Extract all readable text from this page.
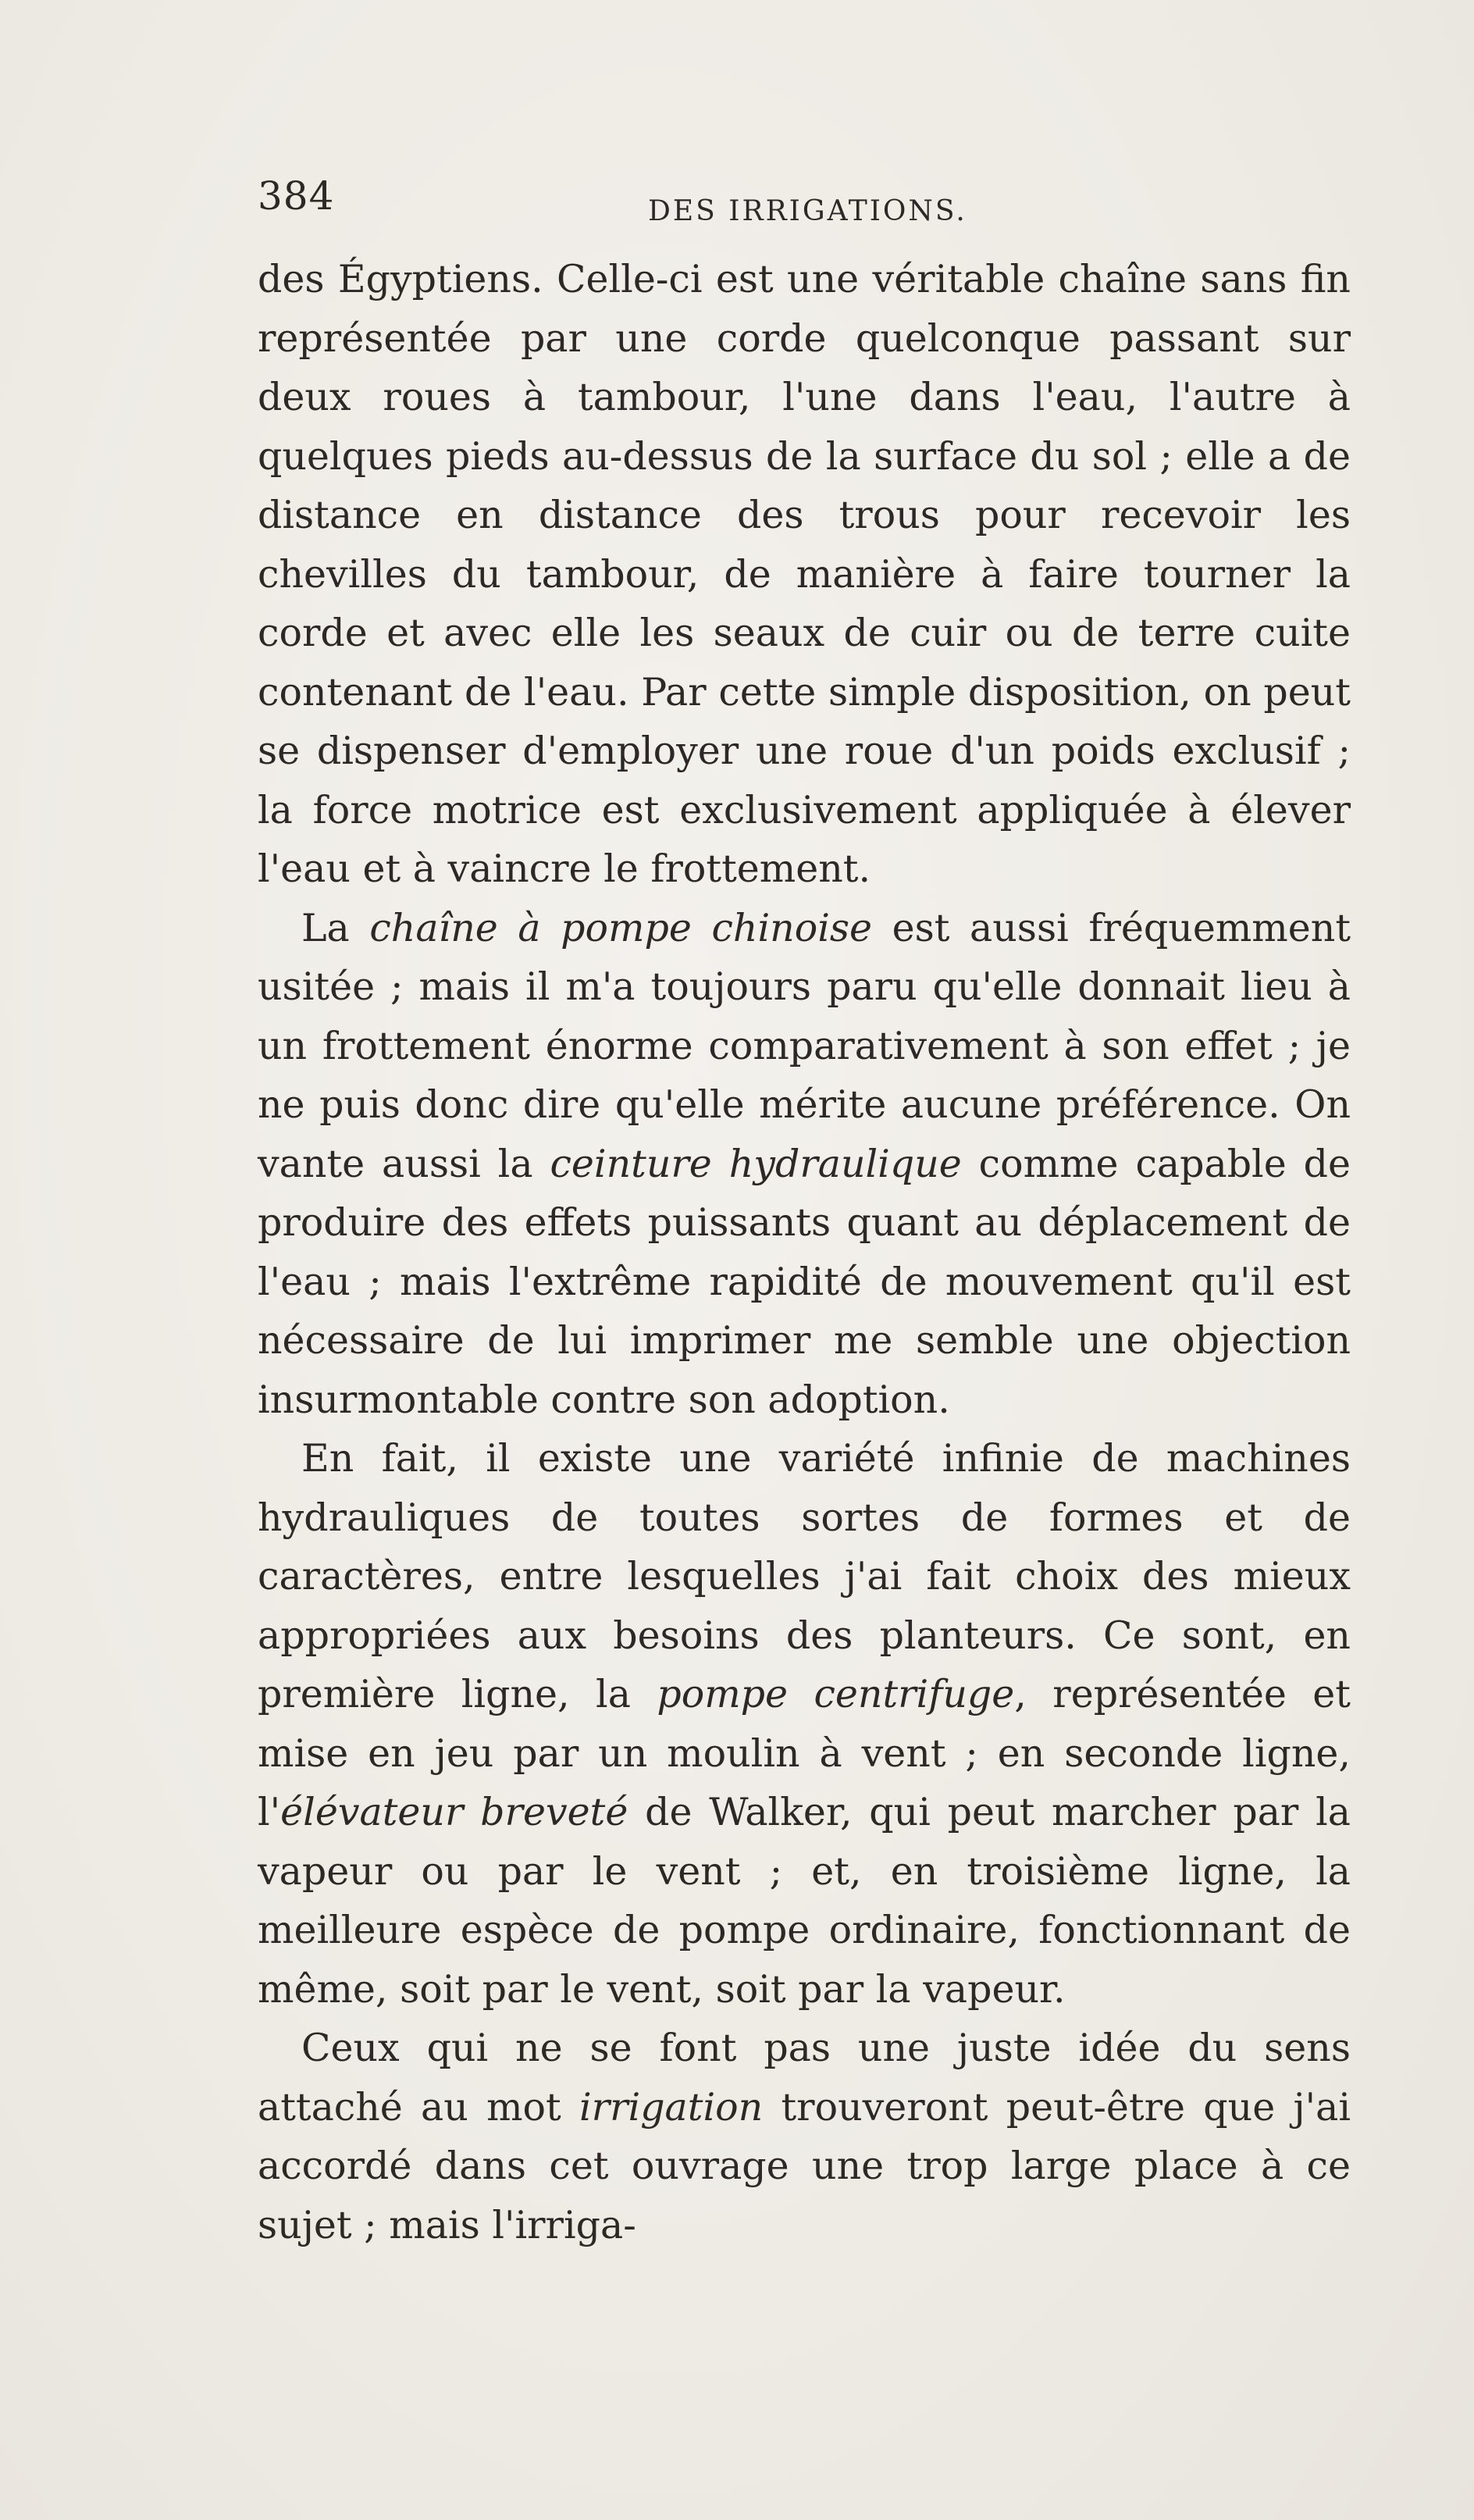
384	DES IRRIGATIONS.

des Égyptiens. Celle-ci est une véritable chaîne sans fin représentée par une corde quelconque passant sur deux roues à tambour, l'une dans l'eau, l'autre à quelques pieds au-dessus de la surface du sol ; elle a de distance en distance des trous pour recevoir les chevilles du tambour, de manière à faire tourner la corde et avec elle les seaux de cuir ou de terre cuite contenant de l'eau. Par cette simple disposition, on peut se dispenser d'employer une roue d'un poids exclusif ; la force motrice est exclusivement appliquée à élever l'eau et à vaincre le frottement.

La chaîne à pompe chinoise est aussi fréquemment usitée ; mais il m'a toujours paru qu'elle donnait lieu à un frottement énorme comparativement à son effet ; je ne puis donc dire qu'elle mérite aucune préférence. On vante aussi la ceinture hydraulique comme capable de produire des effets puissants quant au déplacement de l'eau ; mais l'extrême rapidité de mouvement qu'il est nécessaire de lui imprimer me semble une objection insurmontable contre son adoption.

En fait, il existe une variété infinie de machines hydrauliques de toutes sortes de formes et de caractères, entre lesquelles j'ai fait choix des mieux appropriées aux besoins des planteurs. Ce sont, en première ligne, la pompe centrifuge, représentée et mise en jeu par un moulin à vent ; en seconde ligne, l'élévateur breveté de Walker, qui peut marcher par la vapeur ou par le vent ; et, en troisième ligne, la meilleure espèce de pompe ordinaire, fonctionnant de même, soit par le vent, soit par la vapeur.

Ceux qui ne se font pas une juste idée du sens attaché au mot irrigation trouveront peut-être que j'ai accordé dans cet ouvrage une trop large place à ce sujet ; mais l'irriga-
